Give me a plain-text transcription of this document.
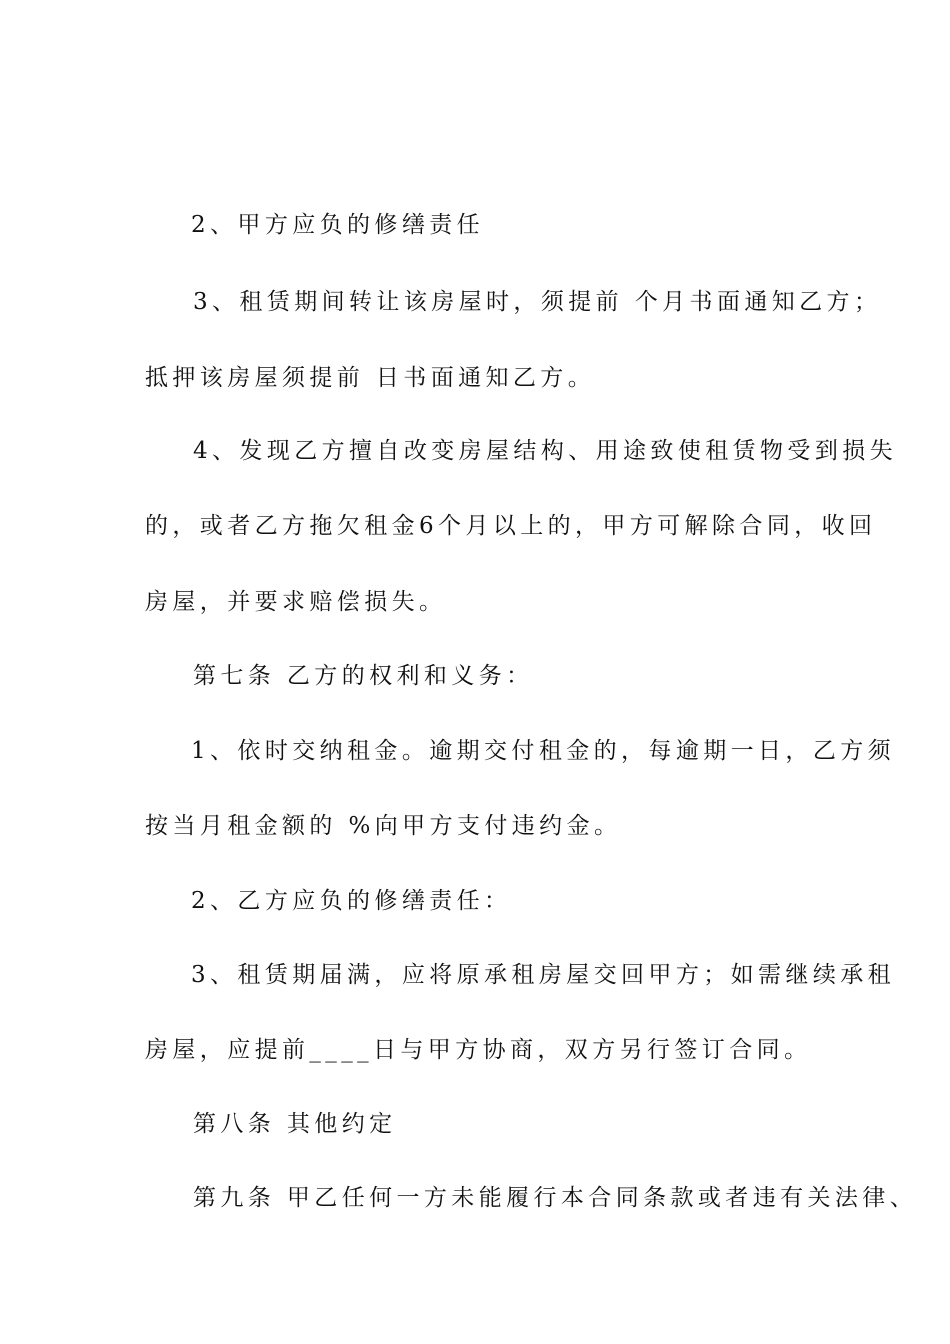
2、甲方应负的修缮责任
3、租赁期间转让该房屋时，须提前 个月书面通知乙方；
抵押该房屋须提前 日书面通知乙方。
4、发现乙方擅自改变房屋结构、用途致使租赁物受到损失
的，或者乙方拖欠租金6个月以上的，甲方可解除合同，收回
房屋，并要求赔偿损失。
第七条 乙方的权利和义务：
1、依时交纳租金。逾期交付租金的，每逾期一日，乙方须
按当月租金额的 %向甲方支付违约金。
2、乙方应负的修缮责任：
3、租赁期届满，应将原承租房屋交回甲方；如需继续承租
房屋，应提前____日与甲方协商，双方另行签订合同。
第八条 其他约定
第九条 甲乙任何一方未能履行本合同条款或者违有关法律、
